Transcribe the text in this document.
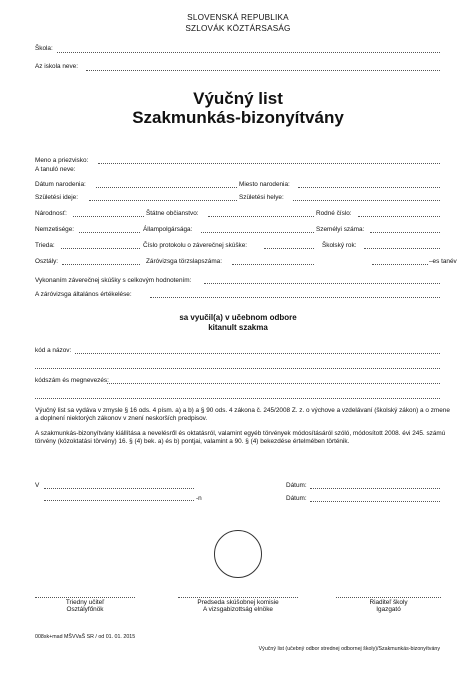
SLOVENSKÁ REPUBLIKA
SZLOVÁK KÖZTÁRSASÁG
Škola:
Az iskola neve:
Výučný list
Szakmunkás-bizonyítvány
Meno a priezvisko:
A tanuló neve:
Dátum narodenia:	Miesto narodenia:
Születési ideje:	Születési helye:
Národnosť:	Štátne občianstvo:	Rodné číslo:
Nemzetisége:	Állampolgársága:	Személyi száma:
Trieda:	Číslo protokolu o záverečnej skúške:	Školský rok:
Osztály:	Záróvizsga törzslapszáma:	–es tanév
Vykonaním záverečnej skúšky s celkovým hodnotením:
A záróvizsga általános értékelése:
sa vyučil(a) v učebnom odbore
kitanult szakma
kód a názov:
kódszám és megnevezés:
Výučný list sa vydáva v zmysle § 16 ods. 4 písm. a) a b) a § 90 ods. 4 zákona č. 245/2008 Z. z. o výchove a vzdelávaní (školský zákon) a o zmene a doplnení niektorých zákonov v znení neskorších predpisov.
A szakmunkás-bizonyítvány kiállítása a nevelésről és oktatásról, valamint egyéb törvények módosításáról szóló, módosított 2008. évi 245. számú törvény (közoktatási törvény) 16. § (4) bek. a) és b) pontjai, valamint a 90. § (4) bekezdése értelmében történik.
V
-n
Dátum:
Dátum:
Triedny učiteľ
Osztályfőnök
Predseda skúšobnej komisie
A vizsgabizottság elnöke
Riaditeľ školy
Igazgató
008sk+mad MŠVVaŠ SR / od 01. 01. 2015
Výučný list (učebný odbor strednej odbornej školy)/Szakmunkás-bizonyítvány
